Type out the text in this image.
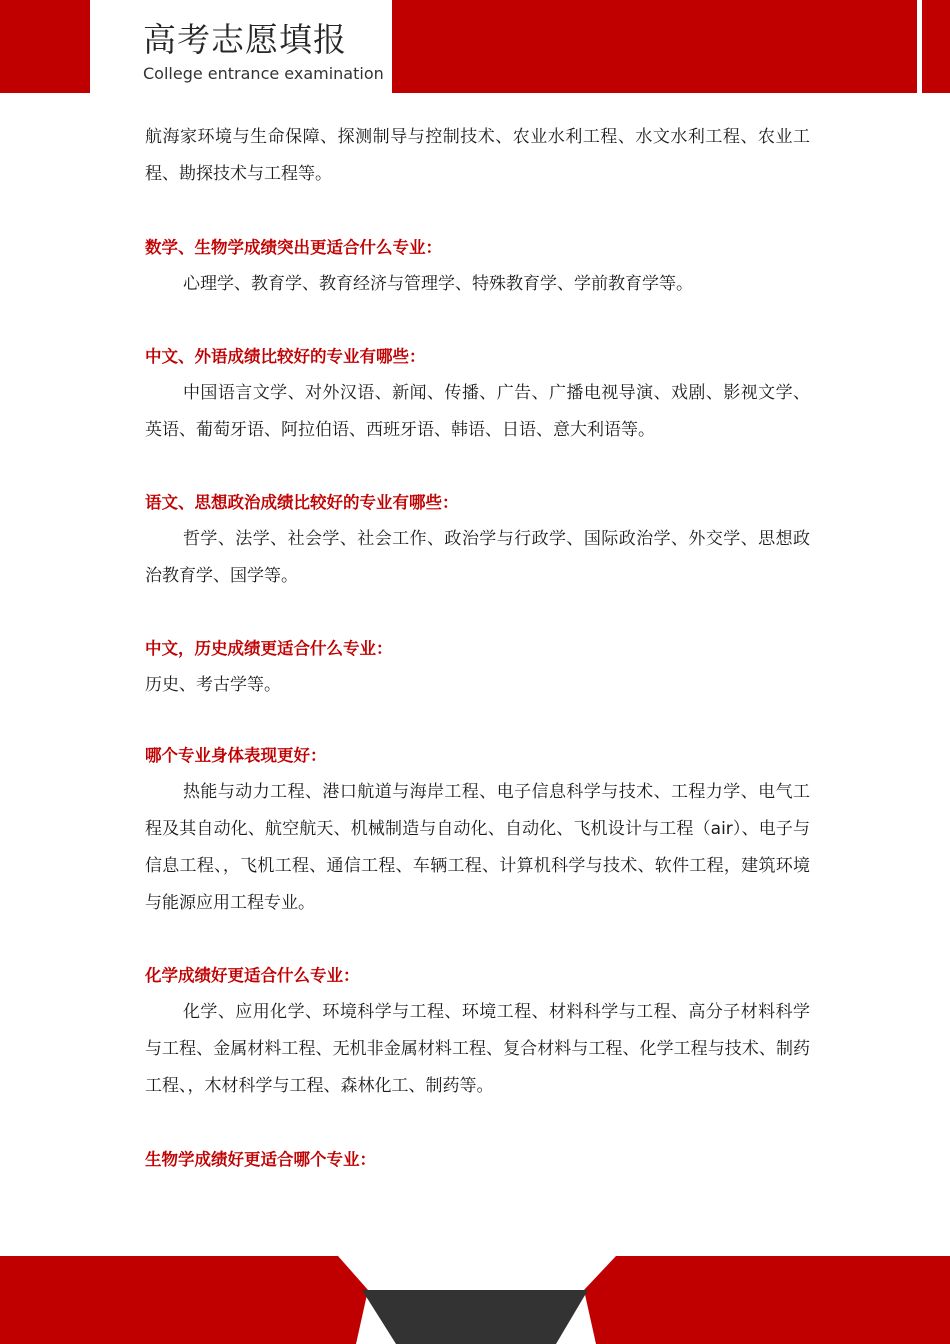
高考志愿填报
College entrance examination

航海家环境与生命保障、探测制导与控制技术、农业水利工程、水文水利工程、农业工程、勘探技术与工程等。

数学、生物学成绩突出更适合什么专业：

心理学、教育学、教育经济与管理学、特殊教育学、学前教育学等。

中文、外语成绩比较好的专业有哪些：

中国语言文学、对外汉语、新闻、传播、广告、广播电视导演、戏剧、影视文学、英语、葡萄牙语、阿拉伯语、西班牙语、韩语、日语、意大利语等。

语文、思想政治成绩比较好的专业有哪些：

哲学、法学、社会学、社会工作、政治学与行政学、国际政治学、外交学、思想政治教育学、国学等。

中文，历史成绩更适合什么专业：

历史、考古学等。

哪个专业身体表现更好：

热能与动力工程、港口航道与海岸工程、电子信息科学与技术、工程力学、电气工程及其自动化、航空航天、机械制造与自动化、自动化、飞机设计与工程（air）、电子与信息工程、，飞机工程、通信工程、车辆工程、计算机科学与技术、软件工程，建筑环境与能源应用工程专业。

化学成绩好更适合什么专业：

化学、应用化学、环境科学与工程、环境工程、材料科学与工程、高分子材料科学与工程、金属材料工程、无机非金属材料工程、复合材料与工程、化学工程与技术、制药工程、，木材科学与工程、森林化工、制药等。

生物学成绩好更适合哪个专业：
